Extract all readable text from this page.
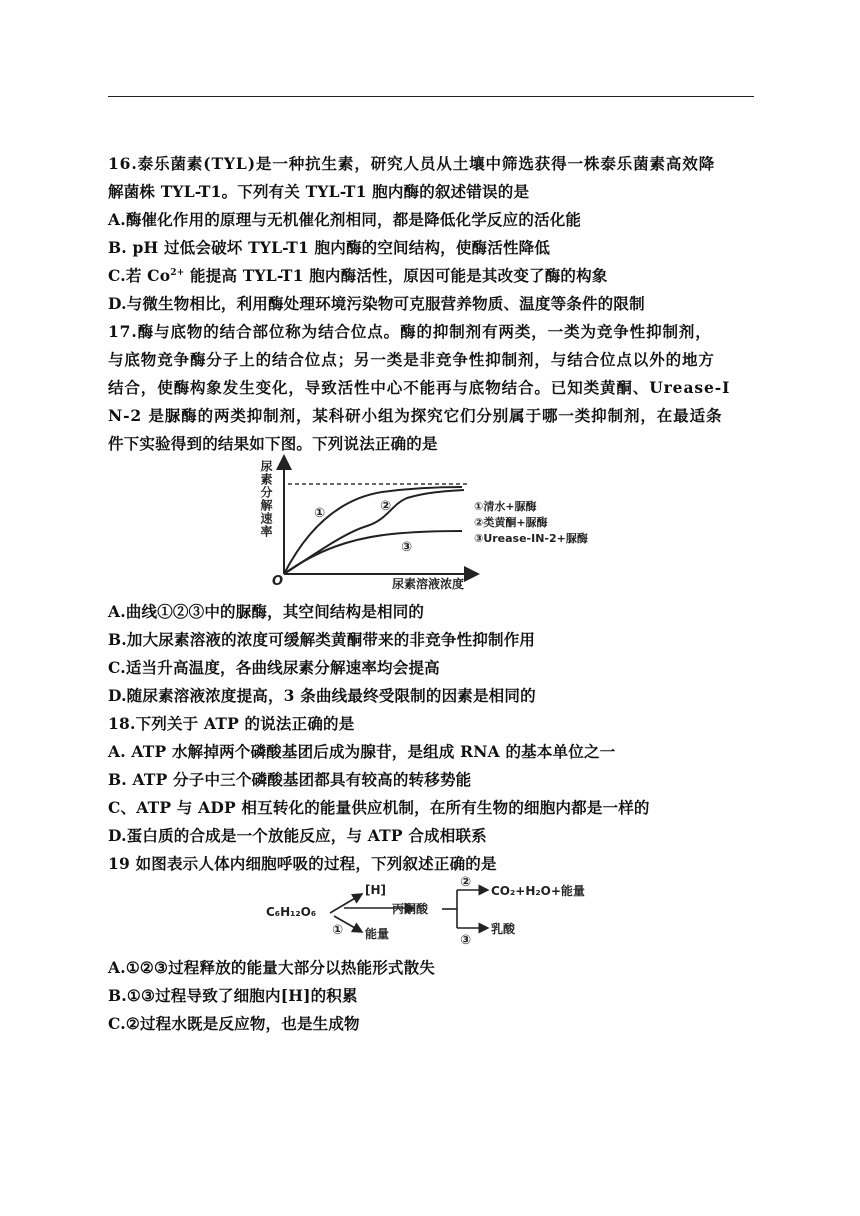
16.泰乐菌素(TYL)是一种抗生素，研究人员从土壤中筛选获得一株泰乐菌素高效降
解菌株 TYL-T1。下列有关 TYL-T1 胞内酶的叙述错误的是
A.酶催化作用的原理与无机催化剂相同，都是降低化学反应的活化能
B. pH 过低会破坏 TYL-T1 胞内酶的空间结构，使酶活性降低
C.若 $Co^{2+}$ 能提高 TYL-T1 胞内酶活性，原因可能是其改变了酶的构象
D.与微生物相比，利用酶处理环境污染物可克服营养物质、温度等条件的限制
17.酶与底物的结合部位称为结合位点。酶的抑制剂有两类，一类为竞争性抑制剂，
与底物竞争酶分子上的结合位点；另一类是非竞争性抑制剂，与结合位点以外的地方
结合，使酶构象发生变化，导致活性中心不能再与底物结合。已知类黄酮、Urease-I
N-2 是脲酶的两类抑制剂，某科研小组为探究它们分别属于哪一类抑制剂，在最适条
件下实验得到的结果如下图。下列说法正确的是
①	②
③
O
尿素分解速率
尿素溶液浓度
①清水+脲酶
②类黄酮+脲酶
③Urease-IN-2+脲酶
A.曲线①②③中的脲酶，其空间结构是相同的
B.加大尿素溶液的浓度可缓解类黄酮带来的非竞争性抑制作用
C.适当升高温度，各曲线尿素分解速率均会提高
D.随尿素溶液浓度提高，3 条曲线最终受限制的因素是相同的
18.下列关于 ATP 的说法正确的是
A. ATP 水解掉两个磷酸基团后成为腺苷，是组成 RNA 的基本单位之一
B. ATP 分子中三个磷酸基团都具有较高的转移势能
C、ATP 与 ADP 相互转化的能量供应机制，在所有生物的细胞内都是一样的
D.蛋白质的合成是一个放能反应，与 ATP 合成相联系
19 如图表示人体内细胞呼吸的过程，下列叙述正确的是
C₆H₁₂O₆
[H]
① 能量
丙酮酸
②
③
CO₂+H₂O+能量
乳酸
A.①②③过程释放的能量大部分以热能形式散失
B.①③过程导致了细胞内[H]的积累
C.②过程水既是反应物，也是生成物
